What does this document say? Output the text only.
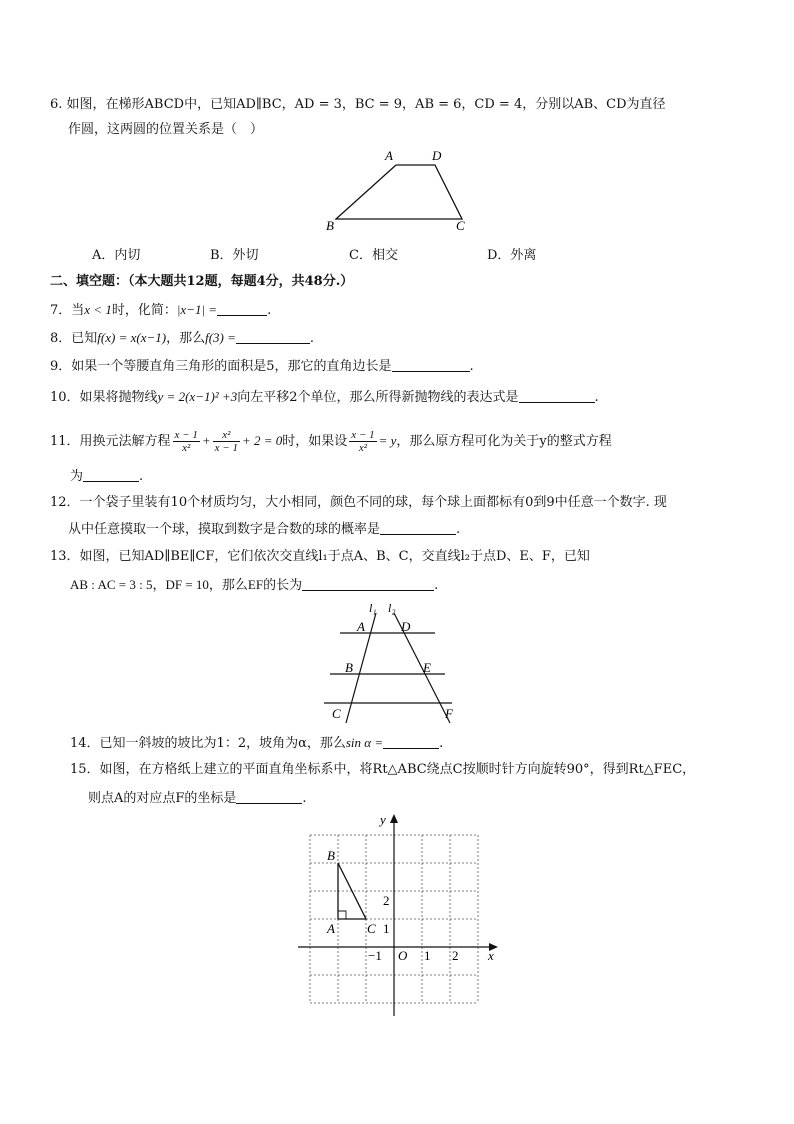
6. 如图，在梯形ABCD中，已知AD∥BC，AD = 3，BC = 9，AB = 6，CD = 4，分别以AB、CD为直径
作圆，这两圆的位置关系是（　）
A	D
B	C
A．内切	B．外切	C．相交	D．外离
二、填空题：（本大题共12题，每题4分，共48分.）
7．当x < 1时，化简：|x−1| =	.
8．已知f(x) = x(x−1)，那么f(3) =	.
9．如果一个等腰直角三角形的面积是5，那它的直角边长是	.
10．如果将抛物线y = 2(x−1)² +3向左平移2个单位，那么所得新抛物线的表达式是	.
11．用换元法解方程 $\frac{x - 1}{\text{x²}} + \frac{\text{x²}}{x - 1} + 2 = 0$时，如果设 $\frac{x - 1}{\text{x²}} = y$，那么原方程可化为关于y的整式方程
为	.
12．一个袋子里装有10个材质均匀，大小相同，颜色不同的球，每个球上面都标有0到9中任意一个数字. 现
从中任意摸取一个球，摸取到数字是合数的球的概率是	.
13．如图，已知AD∥BE∥CF，它们依次交直线l₁于点A、B、C，交直线l₂于点D、E、F，已知
AB : AC = 3 : 5，DF = 10，那么EF的长为	.
l₁ l₂
A	D
B	E
C	F
14．已知一斜坡的坡比为1：2，坡角为α，那么sin α =	.
15．如图，在方格纸上建立的平面直角坐标系中，将Rt△ABC绕点C按顺时针方向旋转90°，得到Rt△FEC，
则点A的对应点F的坐标是	.
y
x
B
A C
O
−1	1 2
1
2
